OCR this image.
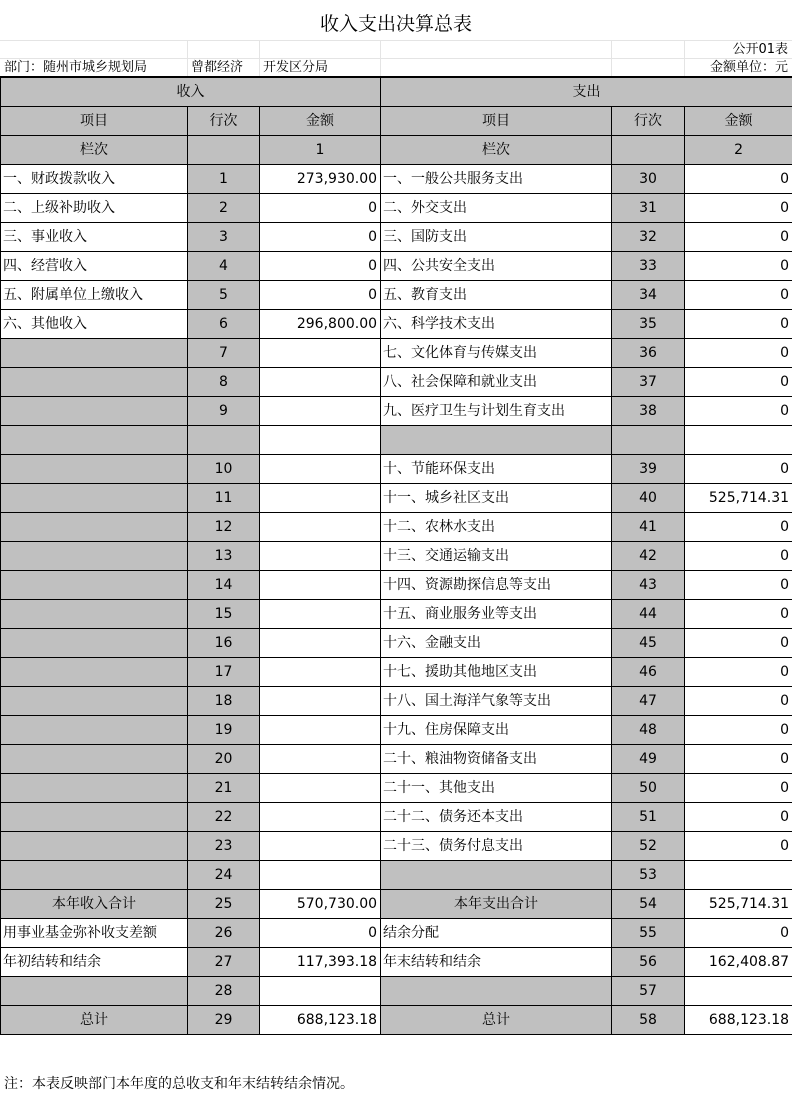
收入支出决算总表
公开01表
部门：随州市城乡规划局	曾都经济 开发区分局	金额单位：元
收入			支出		
项目	行次	金额	项目	行次	金额
栏次		1	栏次		2
一、财政拨款收入	1	273,930.00	一、一般公共服务支出	30	0
二、上级补助收入	2	0	二、外交支出	31	0
三、事业收入	3	0	三、国防支出	32	0
四、经营收入	4	0	四、公共安全支出	33	0
五、附属单位上缴收入	5	0	五、教育支出	34	0
六、其他收入	6	296,800.00	六、科学技术支出	35	0
	7		七、文化体育与传媒支出	36	0
	8		八、社会保障和就业支出	37	0
	9		九、医疗卫生与计划生育支出	38	0

	10		十、节能环保支出	39	0
	11		十一、城乡社区支出	40	525,714.31
	12		十二、农林水支出	41	0
	13		十三、交通运输支出	42	0
	14		十四、资源勘探信息等支出	43	0
	15		十五、商业服务业等支出	44	0
	16		十六、金融支出	45	0
	17		十七、援助其他地区支出	46	0
	18		十八、国土海洋气象等支出	47	0
	19		十九、住房保障支出	48	0
	20		二十、粮油物资储备支出	49	0
	21		二十一、其他支出	50	0
	22		二十二、债务还本支出	51	0
	23		二十三、债务付息支出	52	0
	24			53	
本年收入合计	25	570,730.00	本年支出合计	54	525,714.31
用事业基金弥补收支差额	26	0	结余分配	55	0
年初结转和结余	27	117,393.18	年末结转和结余	56	162,408.87
	28			57	
总计	29	688,123.18	总计	58	688,123.18
注：本表反映部门本年度的总收支和年末结转结余情况。
